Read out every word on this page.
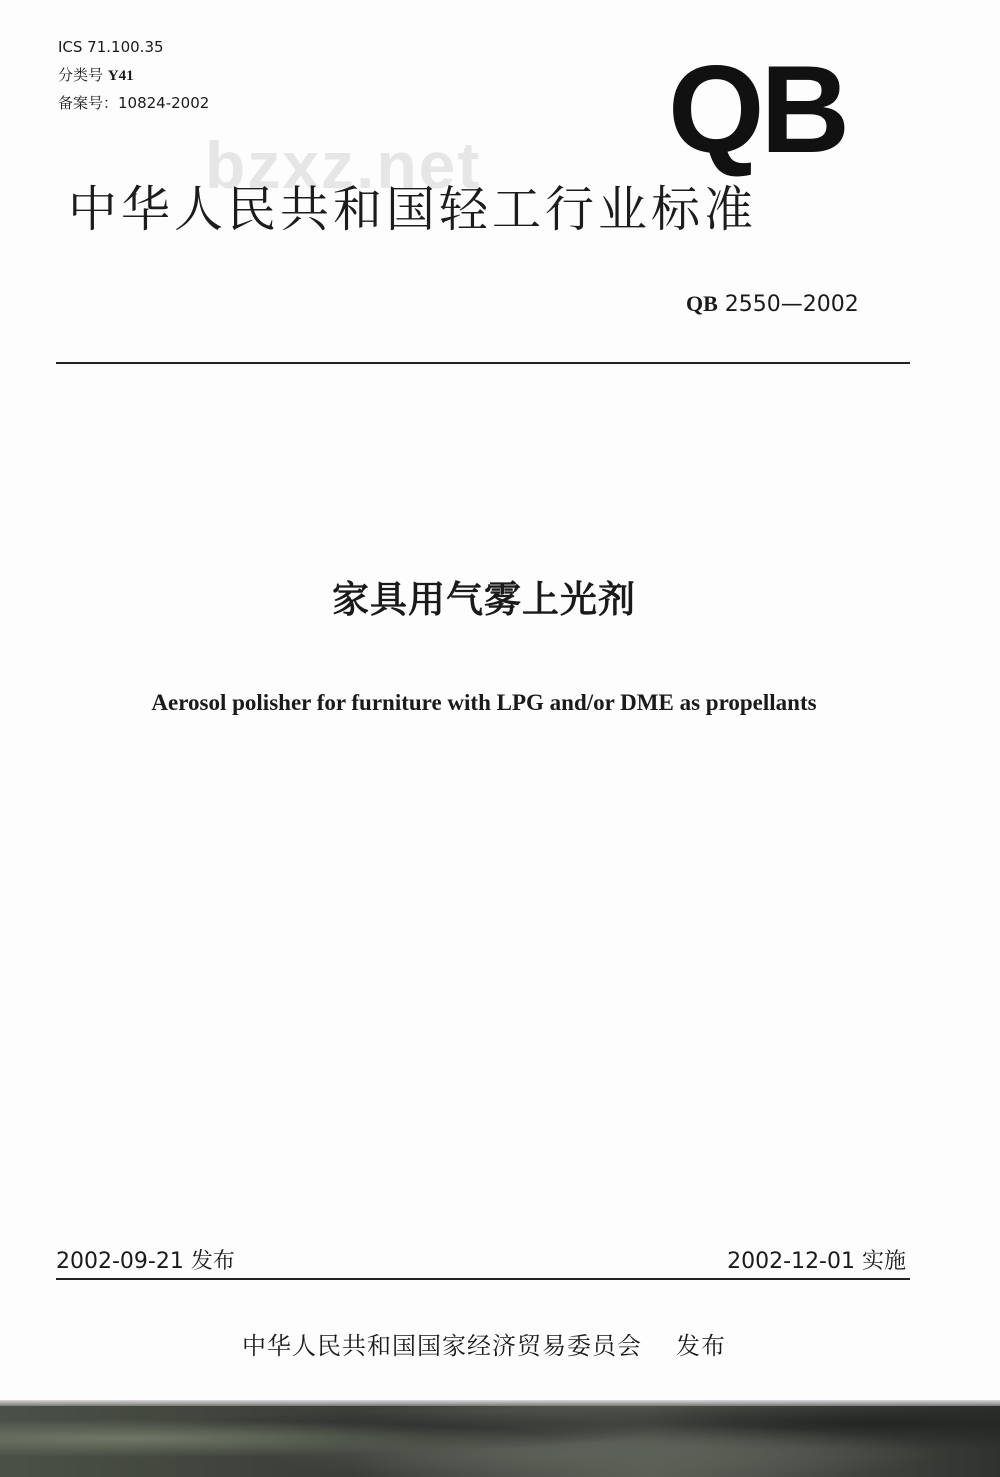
ICS 71.100.35
分类号 Y41
备案号：10824-2002	QB
bzxz.net
中华人民共和国轻工行业标准
QB 2550—2002
家具用气雾上光剂
Aerosol polisher for furniture with LPG and/or DME as propellants
2002-09-21 发布	2002-12-01 实施
中华人民共和国国家经济贸易委员会 发布
